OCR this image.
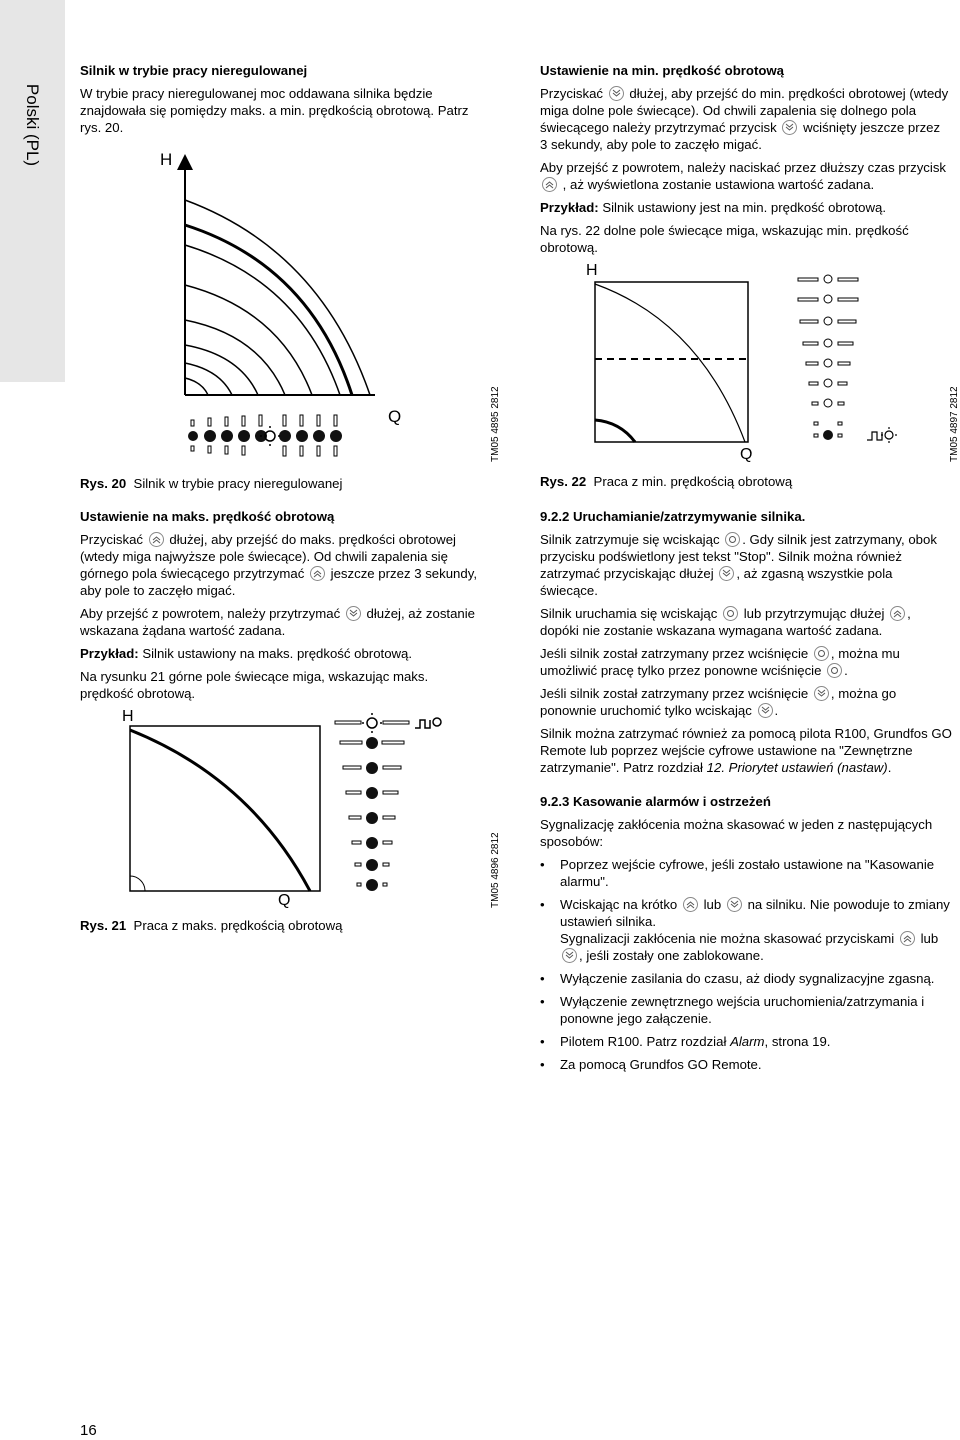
Polski (PL)
Silnik w trybie pracy nieregulowanej

W trybie pracy nieregulowanej moc oddawana silnika będzie znajdowała się pomiędzy maks. a min. prędkością obrotową. Patrz rys. 20.

H
Q	TM05 4895 2812
Rys. 20 Silnik w trybie pracy nieregulowanej
Ustawienie na maks. prędkość obrotową

Przyciskać dłużej, aby przejść do maks. prędkości obrotowej (wtedy miga najwyższe pole świecące). Od chwili zapalenia się górnego pola świecącego przytrzymać jeszcze przez 3 sekundy, aby pole to zaczęło migać.

Aby przejść z powrotem, należy przytrzymać dłużej, aż zostanie wskazana żądana wartość zadana.

Przykład: Silnik ustawiony na maks. prędkość obrotową.

Na rysunku 21 górne pole świecące miga, wskazując maks. prędkość obrotową.

H
Q	TM05 4896 2812
Rys. 21 Praca z maks. prędkością obrotową
Ustawienie na min. prędkość obrotową

Przyciskać dłużej, aby przejść do min. prędkości obrotowej (wtedy miga dolne pole świecące). Od chwili zapalenia się dolnego pola świecącego należy przytrzymać przycisk wciśnięty jeszcze przez 3 sekundy, aby pole to zaczęło migać.

Aby przejść z powrotem, należy naciskać przez dłuższy czas przycisk
, aż wyświetlona zostanie ustawiona wartość zadana.

Przykład: Silnik ustawiony jest na min. prędkość obrotową.

Na rys. 22 dolne pole świecące miga, wskazując min. prędkość obrotową.

H
Q	TM05 4897 2812
Rys. 22 Praca z min. prędkością obrotową
9.2.2 Uruchamianie/zatrzymywanie silnika.

Silnik zatrzymuje się wciskając . Gdy silnik jest zatrzymany, obok przycisku podświetlony jest tekst "Stop". Silnik można również zatrzymać przyciskając dłużej , aż zgasną wszystkie pola świecące.

Silnik uruchamia się wciskając lub przytrzymując dłużej , dopóki nie zostanie wskazana wymagana wartość zadana.

Jeśli silnik został zatrzymany przez wciśnięcie , można mu umożliwić pracę tylko przez ponowne wciśnięcie .

Jeśli silnik został zatrzymany przez wciśnięcie , można go ponownie uruchomić tylko wciskając .

Silnik można zatrzymać również za pomocą pilota R100, Grundfos GO Remote lub poprzez wejście cyfrowe ustawione na "Zewnętrzne zatrzymanie". Patrz rozdział 12. Priorytet ustawień (nastaw).

9.2.3 Kasowanie alarmów i ostrzeżeń

Sygnalizację zakłócenia można skasować w jeden z następujących sposobów:

• Poprzez wejście cyfrowe, jeśli zostało ustawione na "Kasowanie alarmu".
• Wciskając na krótko lub na silniku. Nie powoduje to zmiany ustawień silnika.
Sygnalizacji zakłócenia nie można skasować przyciskami lub
, jeśli zostały one zablokowane.
• Wyłączenie zasilania do czasu, aż diody sygnalizacyjne zgasną.
• Wyłączenie zewnętrznego wejścia uruchomienia/zatrzymania i ponowne jego załączenie.
• Pilotem R100. Patrz rozdział Alarm, strona 19.
• Za pomocą Grundfos GO Remote.
16
